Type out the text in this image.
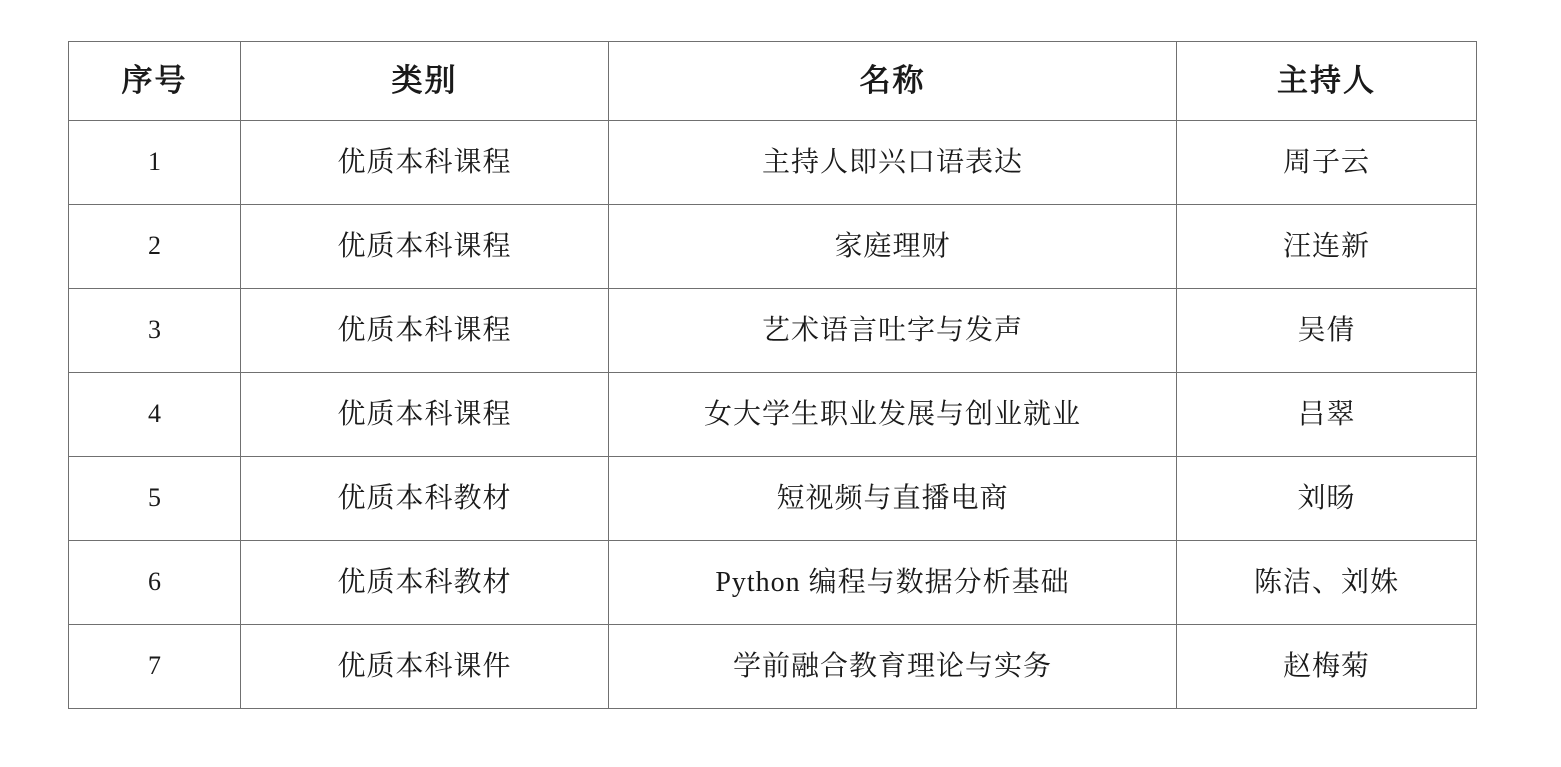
序号	类别	名称	主持人
1	优质本科课程	主持人即兴口语表达	周子云
2	优质本科课程	家庭理财	汪连新
3	优质本科课程	艺术语言吐字与发声	吴倩
4	优质本科课程	女大学生职业发展与创业就业	吕翠
5	优质本科教材	短视频与直播电商	刘旸
6	优质本科教材	Python 编程与数据分析基础	陈洁、刘姝
7	优质本科课件	学前融合教育理论与实务	赵梅菊
